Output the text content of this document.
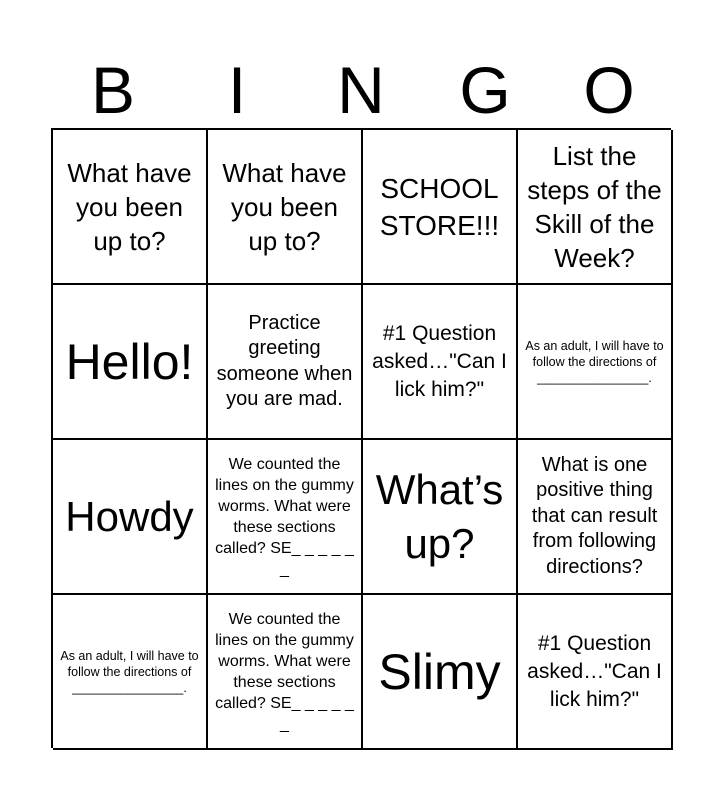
B	I	N	G	O
What have you been up to?
What have you been up to?
SCHOOL STORE!!!
List the steps of the Skill of the Week?
Hello!
Practice greeting someone when you are mad.
#1 Question asked…"Can I lick him?"
As an adult, I will have to follow the directions of ________________.
Howdy
We counted the lines on the gummy worms. What were these sections called? SE_ _ _ _ _ _
What’s up?
What is one positive thing that can result from following directions?
As an adult, I will have to follow the directions of ________________.
We counted the lines on the gummy worms. What were these sections called? SE_ _ _ _ _ _
Slimy
#1 Question asked…"Can I lick him?"
